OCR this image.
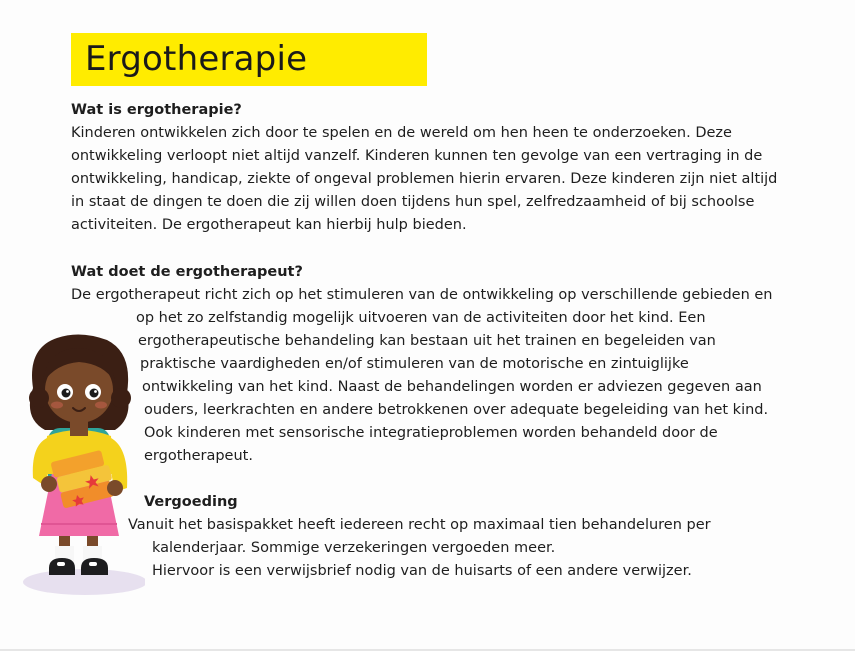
Ergotherapie
Wat is ergotherapie?
Kinderen ontwikkelen zich door te spelen en de wereld om hen heen te onderzoeken. Deze
ontwikkeling verloopt niet altijd vanzelf. Kinderen kunnen ten gevolge van een vertraging in de
ontwikkeling, handicap, ziekte of ongeval problemen hierin ervaren. Deze kinderen zijn niet altijd
in staat de dingen te doen die zij willen doen tijdens hun spel, zelfredzaamheid of bij schoolse
activiteiten. De ergotherapeut kan hierbij hulp bieden.
Wat doet de ergotherapeut?
De ergotherapeut richt zich op het stimuleren van de ontwikkeling op verschillende gebieden en
op het zo zelfstandig mogelijk uitvoeren van de activiteiten door het kind. Een
ergotherapeutische behandeling kan bestaan uit het trainen en begeleiden van
praktische vaardigheden en/of stimuleren van de motorische en zintuiglijke
ontwikkeling van het kind. Naast de behandelingen worden er adviezen gegeven aan
ouders, leerkrachten en andere betrokkenen over adequate begeleiding van het kind.
Ook kinderen met sensorische integratieproblemen worden behandeld door de
ergotherapeut.
Vergoeding
Vanuit het basispakket heeft iedereen recht op maximaal tien behandeluren per
kalenderjaar. Sommige verzekeringen vergoeden meer.
Hiervoor is een verwijsbrief nodig van de huisarts of een andere verwijzer.
